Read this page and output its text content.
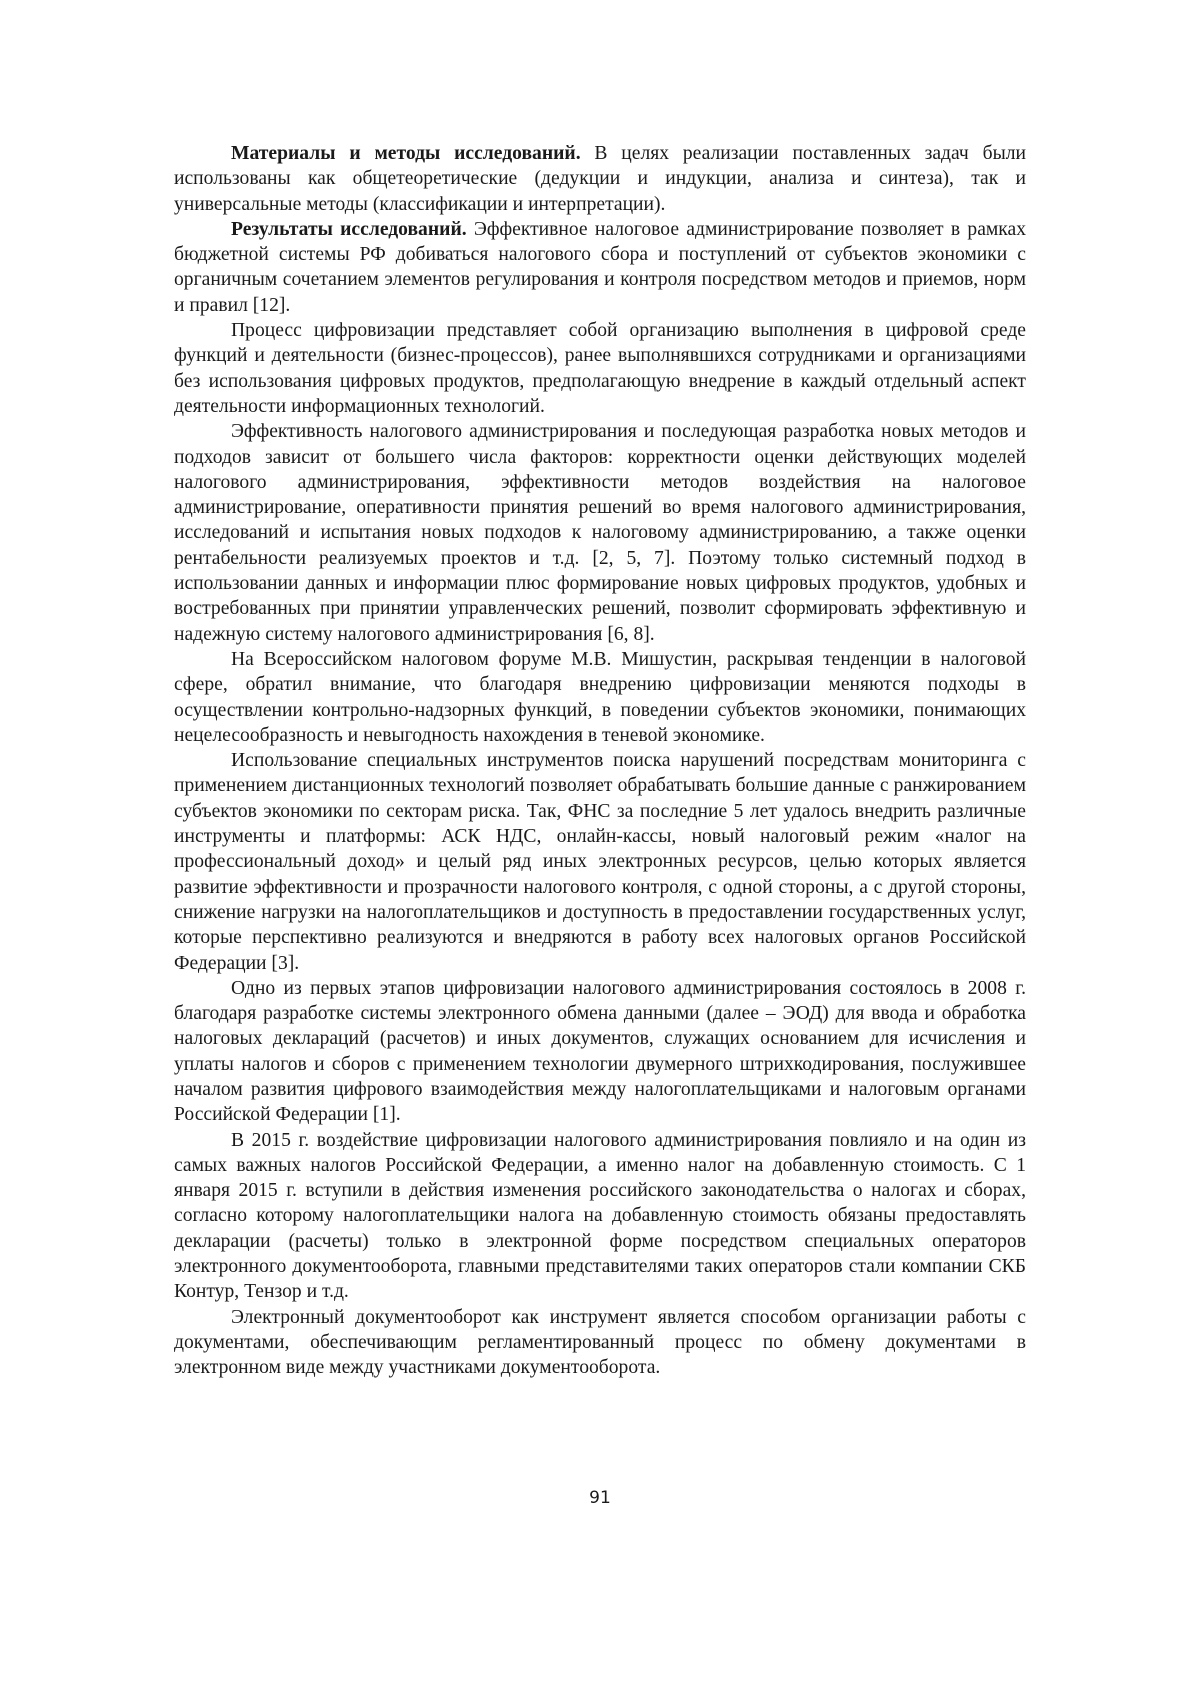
Материалы и методы исследований. В целях реализации поставленных задач были использованы как общетеоретические (дедукции и индукции, анализа и синтеза), так и универсальные методы (классификации и интерпретации).

Результаты исследований. Эффективное налоговое администрирование позволяет в рамках бюджетной системы РФ добиваться налогового сбора и поступлений от субъектов экономики с органичным сочетанием элементов регулирования и контроля посредством методов и приемов, норм и правил [12].

Процесс цифровизации представляет собой организацию выполнения в цифровой среде функций и деятельности (бизнес-процессов), ранее выполнявшихся сотрудниками и организациями без использования цифровых продуктов, предполагающую внедрение в каждый отдельный аспект деятельности информационных технологий.

Эффективность налогового администрирования и последующая разработка новых методов и подходов зависит от большего числа факторов: корректности оценки действующих моделей налогового администрирования, эффективности методов воздействия на налоговое администрирование, оперативности принятия решений во время налогового администрирования, исследований и испытания новых подходов к налоговому администрированию, а также оценки рентабельности реализуемых проектов и т.д. [2, 5, 7]. Поэтому только системный подход в использовании данных и информации плюс формирование новых цифровых продуктов, удобных и востребованных при принятии управленческих решений, позволит сформировать эффективную и надежную систему налогового администрирования [6, 8].

На Всероссийском налоговом форуме М.В. Мишустин, раскрывая тенденции в налоговой сфере, обратил внимание, что благодаря внедрению цифровизации меняются подходы в осуществлении контрольно-надзорных функций, в поведении субъектов экономики, понимающих нецелесообразность и невыгодность нахождения в теневой экономике.

Использование специальных инструментов поиска нарушений посредствам мониторинга с применением дистанционных технологий позволяет обрабатывать большие данные с ранжированием субъектов экономики по секторам риска. Так, ФНС за последние 5 лет удалось внедрить различные инструменты и платформы: АСК НДС, онлайн-кассы, новый налоговый режим «налог на профессиональный доход» и целый ряд иных электронных ресурсов, целью которых является развитие эффективности и прозрачности налогового контроля, с одной стороны, а с другой стороны, снижение нагрузки на налогоплательщиков и доступность в предоставлении государственных услуг, которые перспективно реализуются и внедряются в работу всех налоговых органов Российской Федерации [3].

Одно из первых этапов цифровизации налогового администрирования состоялось в 2008 г. благодаря разработке системы электронного обмена данными (далее – ЭОД) для ввода и обработка налоговых деклараций (расчетов) и иных документов, служащих основанием для исчисления и уплаты налогов и сборов с применением технологии двумерного штрихкодирования, послужившее началом развития цифрового взаимодействия между налогоплательщиками и налоговым органами Российской Федерации [1].

В 2015 г. воздействие цифровизации налогового администрирования повлияло и на один из самых важных налогов Российской Федерации, а именно налог на добавленную стоимость. С 1 января 2015 г. вступили в действия изменения российского законодательства о налогах и сборах, согласно которому налогоплательщики налога на добавленную стоимость обязаны предоставлять декларации (расчеты) только в электронной форме посредством специальных операторов электронного документооборота, главными представителями таких операторов стали компании СКБ Контур, Тензор и т.д.

Электронный документооборот как инструмент является способом организации работы с документами, обеспечивающим регламентированный процесс по обмену документами в электронном виде между участниками документооборота.

91
